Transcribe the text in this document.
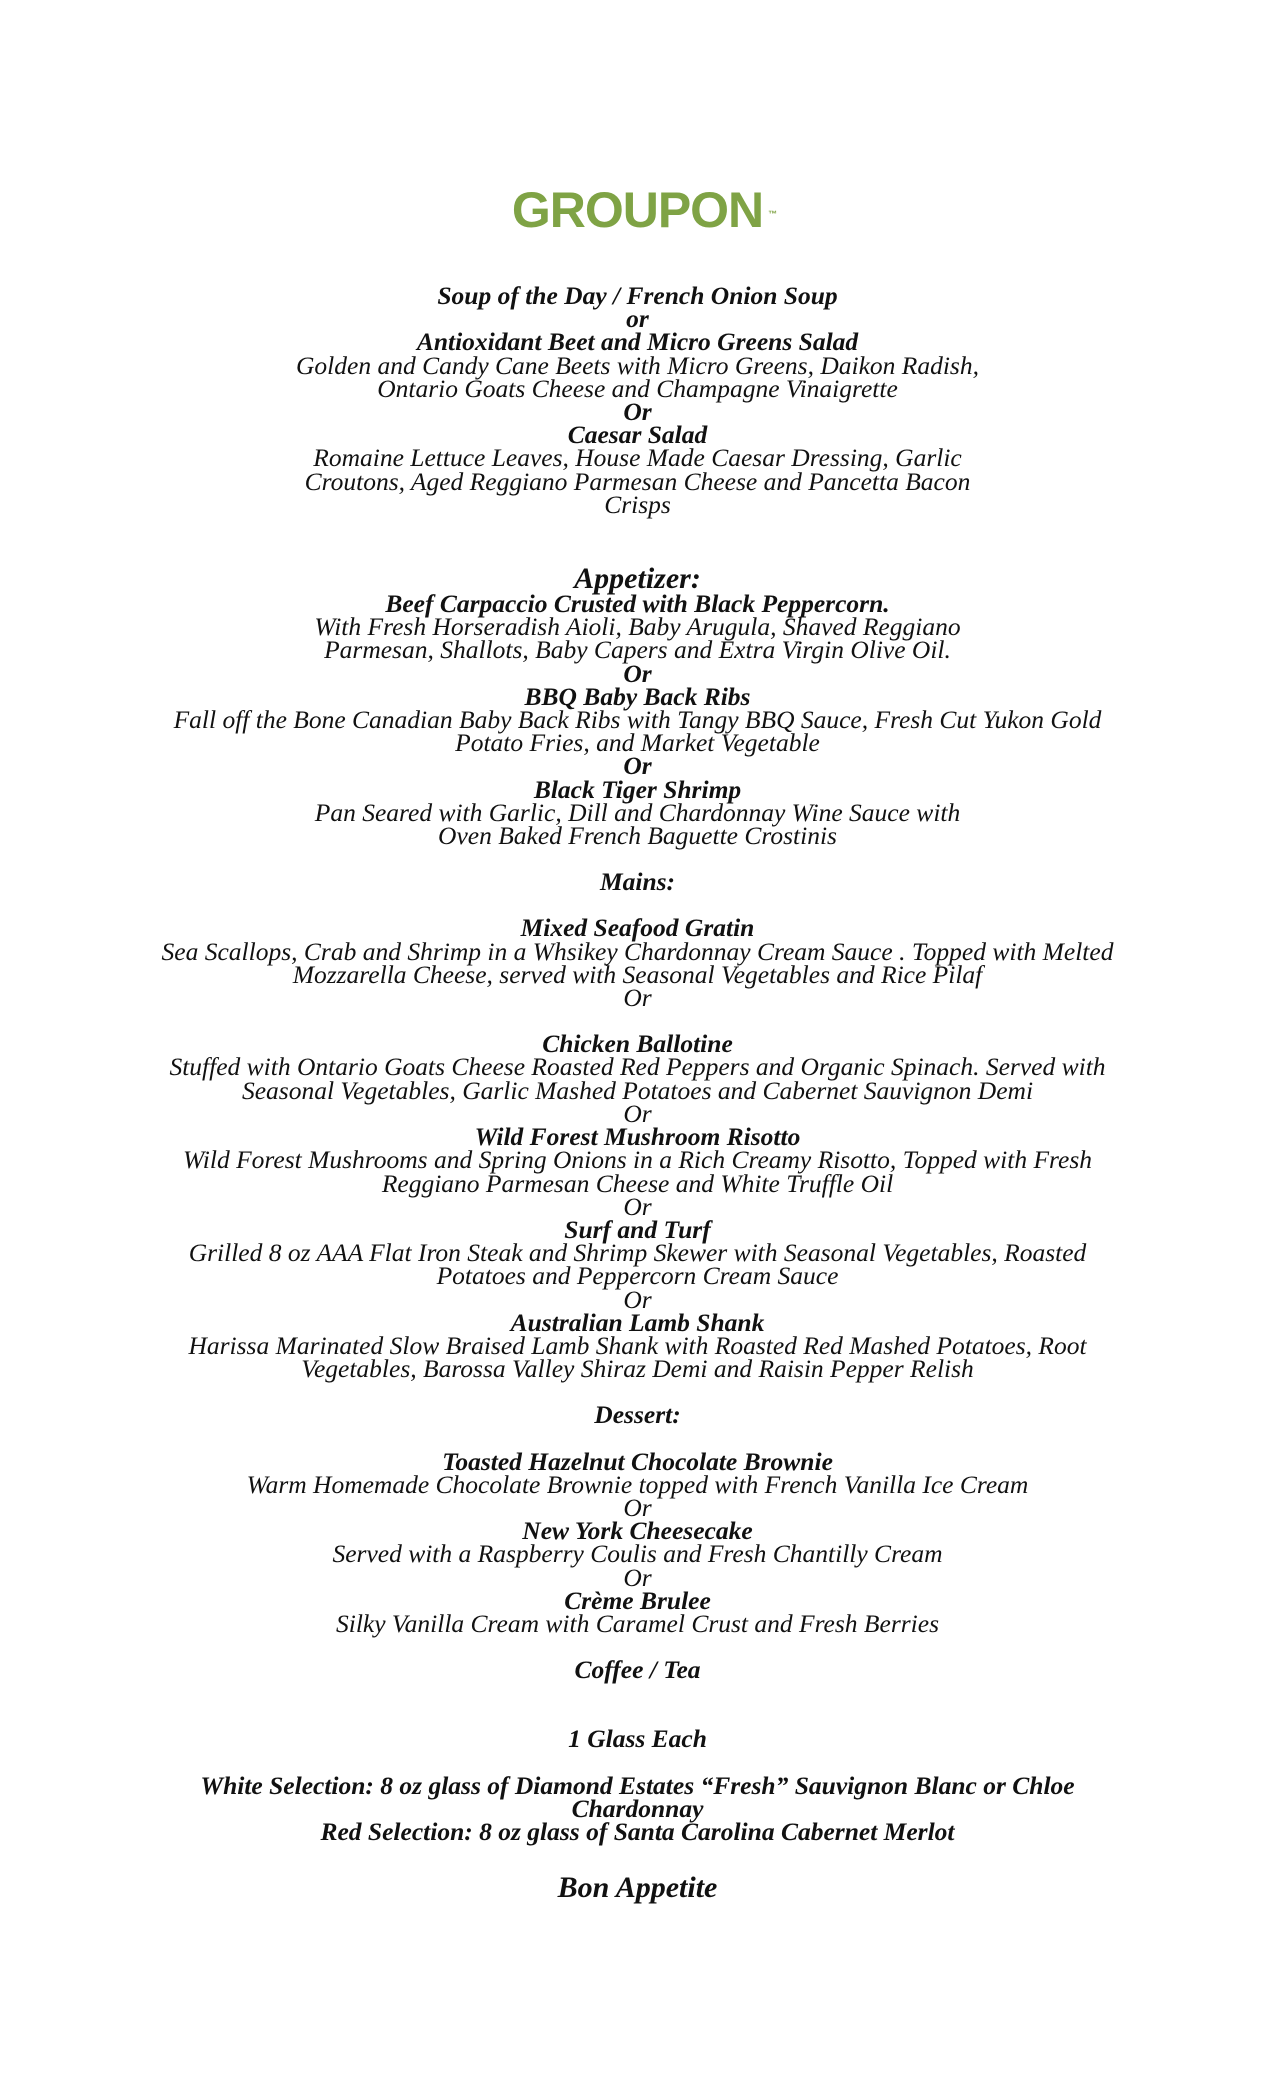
GROUPON ™
Soup of the Day / French Onion Soup
or
Antioxidant Beet and Micro Greens Salad
Golden and Candy Cane Beets with Micro Greens, Daikon Radish,
Ontario Goats Cheese and Champagne Vinaigrette
Or
Caesar Salad
Romaine Lettuce Leaves, House Made Caesar Dressing, Garlic
Croutons, Aged Reggiano Parmesan Cheese and Pancetta Bacon
Crisps
Appetizer:
Beef Carpaccio Crusted with Black Peppercorn.
With Fresh Horseradish Aioli, Baby Arugula, Shaved Reggiano
Parmesan, Shallots, Baby Capers and Extra Virgin Olive Oil.
Or
BBQ Baby Back Ribs
Fall off the Bone Canadian Baby Back Ribs with Tangy BBQ Sauce, Fresh Cut Yukon Gold
Potato Fries, and Market Vegetable
Or
Black Tiger Shrimp
Pan Seared with Garlic, Dill and Chardonnay Wine Sauce with
Oven Baked French Baguette Crostinis
Mains:
Mixed Seafood Gratin
Sea Scallops, Crab and Shrimp in a Whsikey Chardonnay Cream Sauce . Topped with Melted
Mozzarella Cheese, served with Seasonal Vegetables and Rice Pilaf
Or
Chicken Ballotine
Stuffed with Ontario Goats Cheese Roasted Red Peppers and Organic Spinach. Served with
Seasonal Vegetables, Garlic Mashed Potatoes and Cabernet Sauvignon Demi
Or
Wild Forest Mushroom Risotto
Wild Forest Mushrooms and Spring Onions in a Rich Creamy Risotto, Topped with Fresh
Reggiano Parmesan Cheese and White Truffle Oil
Or
Surf and Turf
Grilled 8 oz AAA Flat Iron Steak and Shrimp Skewer with Seasonal Vegetables, Roasted
Potatoes and Peppercorn Cream Sauce
Or
Australian Lamb Shank
Harissa Marinated Slow Braised Lamb Shank with Roasted Red Mashed Potatoes, Root
Vegetables, Barossa Valley Shiraz Demi and Raisin Pepper Relish
Dessert:
Toasted Hazelnut Chocolate Brownie
Warm Homemade Chocolate Brownie topped with French Vanilla Ice Cream
Or
New York Cheesecake
Served with a Raspberry Coulis and Fresh Chantilly Cream
Or
Crème Brulee
Silky Vanilla Cream with Caramel Crust and Fresh Berries
Coffee / Tea
1 Glass Each
White Selection: 8 oz glass of Diamond Estates “Fresh” Sauvignon Blanc or Chloe
Chardonnay
Red Selection: 8 oz glass of Santa Carolina Cabernet Merlot
Bon Appetite
